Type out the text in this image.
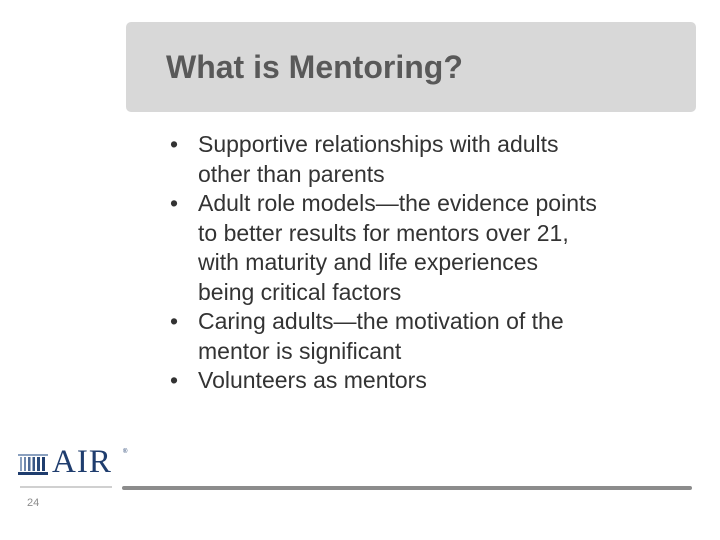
What is Mentoring?
• Supportive relationships with adults
other than parents
• Adult role models—the evidence points
to better results for mentors over 21,
with maturity and life experiences
being critical factors
• Caring adults—the motivation of the
mentor is significant
• Volunteers as mentors
AIR ®
24
